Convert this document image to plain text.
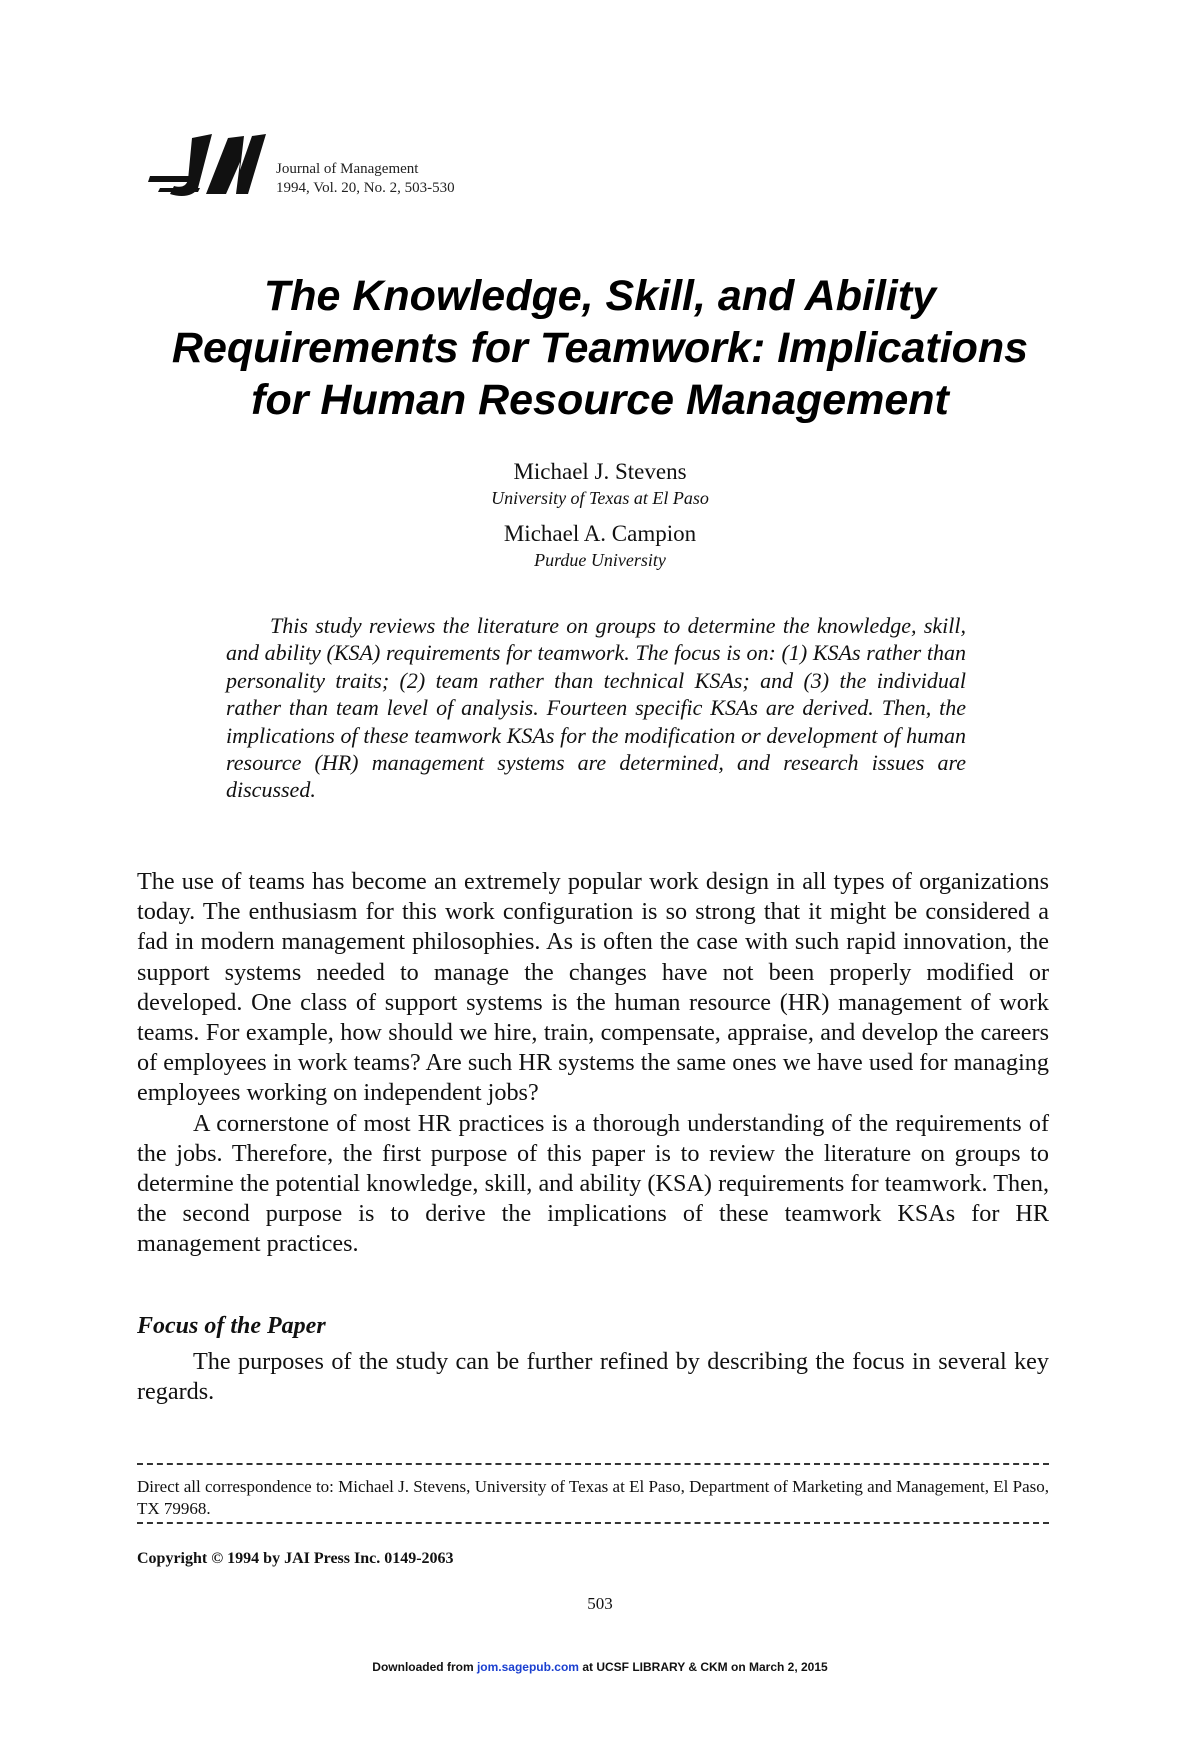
Journal of Management
1994, Vol. 20, No. 2, 503-530
The Knowledge, Skill, and Ability
Requirements for Teamwork: Implications
for Human Resource Management
Michael J. Stevens
University of Texas at El Paso
Michael A. Campion
Purdue University

This study reviews the literature on groups to determine the knowledge, skill, and ability (KSA) requirements for teamwork. The focus is on: (1) KSAs rather than personality traits; (2) team rather than technical KSAs; and (3) the individual rather than team level of analysis. Fourteen specific KSAs are derived. Then, the implications of these teamwork KSAs for the modification or development of human resource (HR) management systems are determined, and research issues are discussed.

The use of teams has become an extremely popular work design in all types of organizations today. The enthusiasm for this work configuration is so strong that it might be considered a fad in modern management philosophies. As is often the case with such rapid innovation, the support systems needed to manage the changes have not been properly modified or developed. One class of support systems is the human resource (HR) management of work teams. For example, how should we hire, train, compensate, appraise, and develop the careers of employees in work teams? Are such HR systems the same ones we have used for managing employees working on independent jobs?

A cornerstone of most HR practices is a thorough understanding of the requirements of the jobs. Therefore, the first purpose of this paper is to review the literature on groups to determine the potential knowledge, skill, and ability (KSA) requirements for teamwork. Then, the second purpose is to derive the implications of these teamwork KSAs for HR management practices.

Focus of the Paper

The purposes of the study can be further refined by describing the focus in several key regards.

Direct all correspondence to: Michael J. Stevens, University of Texas at El Paso, Department of Marketing and Management, El Paso, TX 79968.

Copyright © 1994 by JAI Press Inc. 0149-2063

503

Downloaded from jom.sagepub.com at UCSF LIBRARY & CKM on March 2, 2015
